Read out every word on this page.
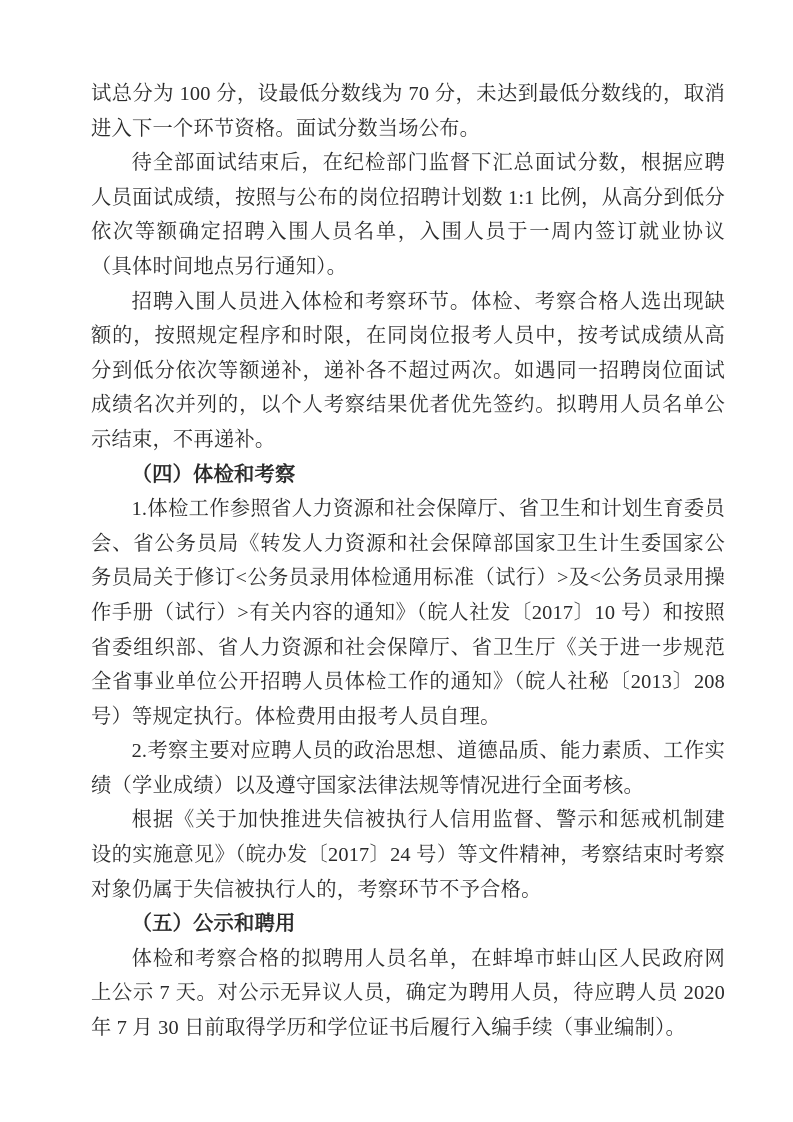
试总分为 100 分，设最低分数线为 70 分，未达到最低分数线的，取消进入下一个环节资格。面试分数当场公布。

待全部面试结束后，在纪检部门监督下汇总面试分数，根据应聘人员面试成绩，按照与公布的岗位招聘计划数 1:1 比例，从高分到低分依次等额确定招聘入围人员名单，入围人员于一周内签订就业协议（具体时间地点另行通知）。

招聘入围人员进入体检和考察环节。体检、考察合格人选出现缺额的，按照规定程序和时限，在同岗位报考人员中，按考试成绩从高分到低分依次等额递补，递补各不超过两次。如遇同一招聘岗位面试成绩名次并列的，以个人考察结果优者优先签约。拟聘用人员名单公示结束，不再递补。

（四）体检和考察

1.体检工作参照省人力资源和社会保障厅、省卫生和计划生育委员会、省公务员局《转发人力资源和社会保障部国家卫生计生委国家公务员局关于修订<公务员录用体检通用标准（试行）>及<公务员录用操作手册（试行）>有关内容的通知》（皖人社发〔2017〕10 号）和按照省委组织部、省人力资源和社会保障厅、省卫生厅《关于进一步规范全省事业单位公开招聘人员体检工作的通知》（皖人社秘〔2013〕208 号）等规定执行。体检费用由报考人员自理。

2.考察主要对应聘人员的政治思想、道德品质、能力素质、工作实绩（学业成绩）以及遵守国家法律法规等情况进行全面考核。

根据《关于加快推进失信被执行人信用监督、警示和惩戒机制建设的实施意见》（皖办发〔2017〕24 号）等文件精神，考察结束时考察对象仍属于失信被执行人的，考察环节不予合格。

（五）公示和聘用

体检和考察合格的拟聘用人员名单，在蚌埠市蚌山区人民政府网上公示 7 天。对公示无异议人员，确定为聘用人员，待应聘人员 2020 年 7 月 30 日前取得学历和学位证书后履行入编手续（事业编制）。
